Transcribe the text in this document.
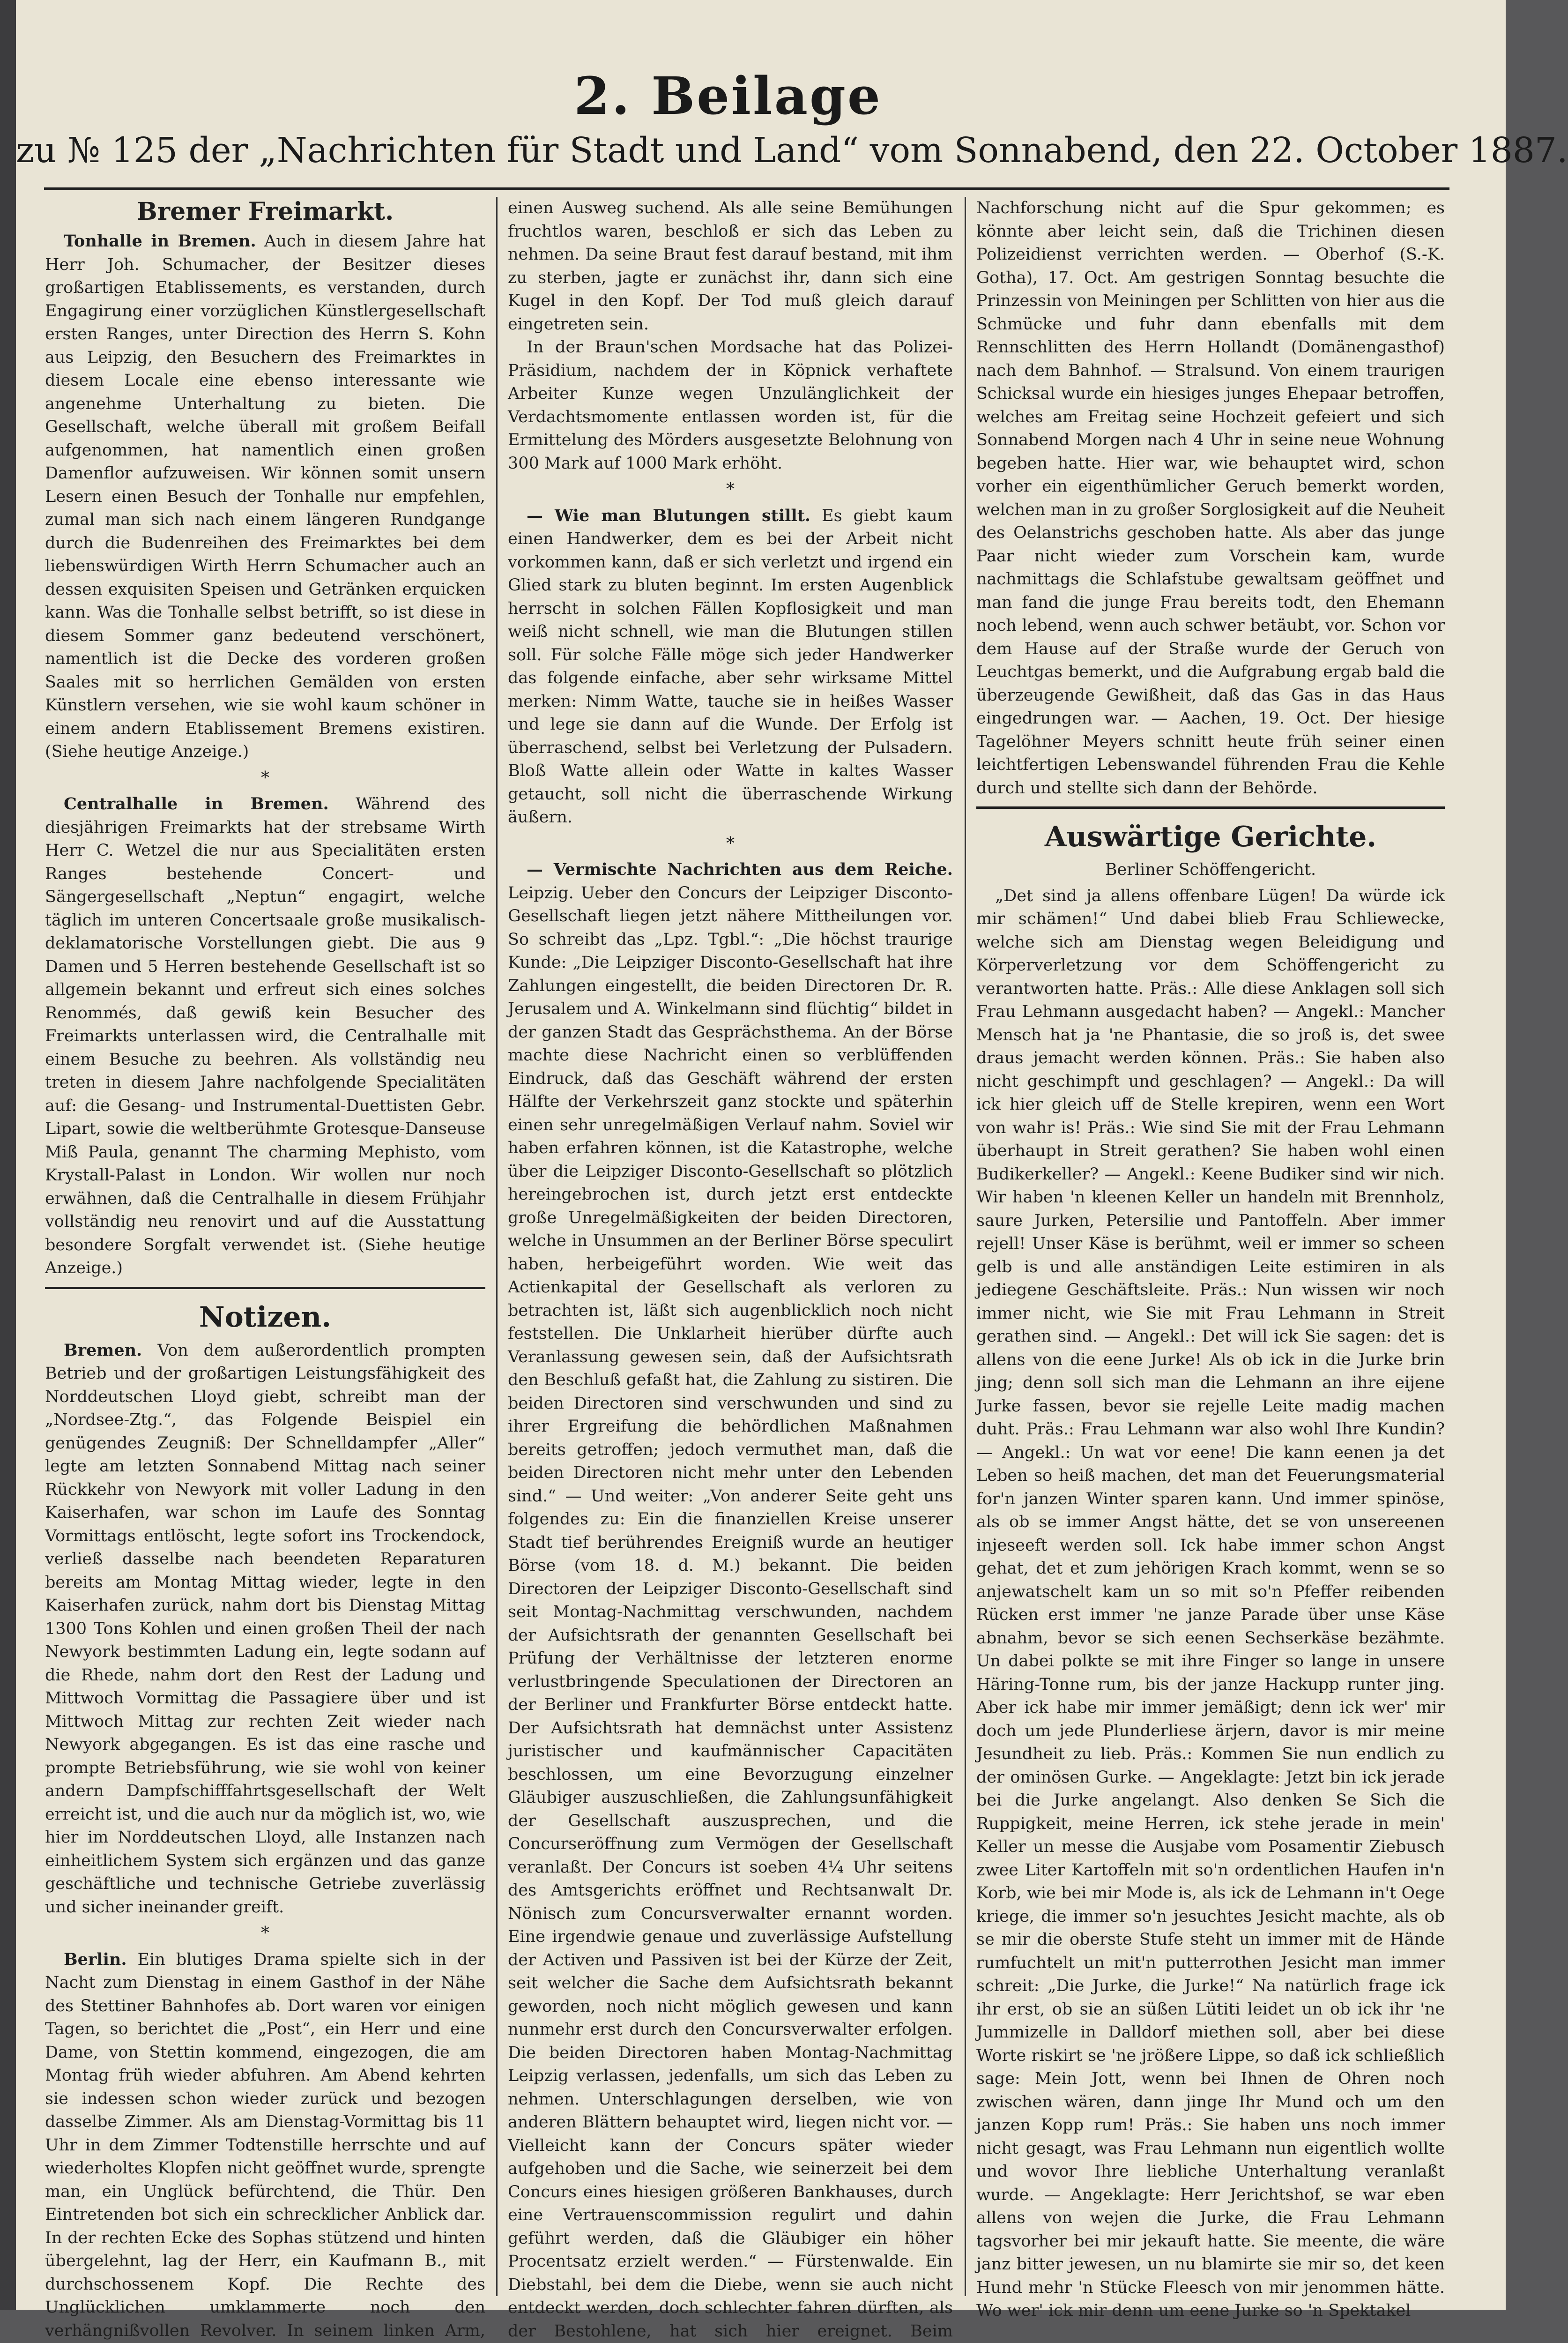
2. Beilage
zu № 125 der „Nachrichten für Stadt und Land“ vom Sonnabend, den 22. October 1887.
Bremer Freimarkt.

Tonhalle in Bremen. Auch in diesem Jahre hat Herr Joh. Schumacher, der Besitzer dieses großartigen Etablissements, es verstanden, durch Engagirung einer vorzüglichen Künstlergesellschaft ersten Ranges, unter Direction des Herrn S. Kohn aus Leipzig, den Besuchern des Freimarktes in diesem Locale eine ebenso interessante wie angenehme Unterhaltung zu bieten. Die Gesellschaft, welche überall mit großem Beifall aufgenommen, hat namentlich einen großen Damenflor aufzuweisen. Wir können somit unsern Lesern einen Besuch der Tonhalle nur empfehlen, zumal man sich nach einem längeren Rundgange durch die Budenreihen des Freimarktes bei dem liebenswürdigen Wirth Herrn Schumacher auch an dessen exquisiten Speisen und Getränken erquicken kann. Was die Tonhalle selbst betrifft, so ist diese in diesem Sommer ganz bedeutend verschönert, namentlich ist die Decke des vorderen großen Saales mit so herrlichen Gemälden von ersten Künstlern versehen, wie sie wohl kaum schöner in einem andern Etablissement Bremens existiren. (Siehe heutige Anzeige.)

*

Centralhalle in Bremen. Während des diesjährigen Freimarkts hat der strebsame Wirth Herr C. Wetzel die nur aus Specialitäten ersten Ranges bestehende Concert- und Sängergesellschaft „Neptun“ engagirt, welche täglich im unteren Concertsaale große musikalisch-deklamatorische Vorstellungen giebt. Die aus 9 Damen und 5 Herren bestehende Gesellschaft ist so allgemein bekannt und erfreut sich eines solches Renommés, daß gewiß kein Besucher des Freimarkts unterlassen wird, die Centralhalle mit einem Besuche zu beehren. Als vollständig neu treten in diesem Jahre nachfolgende Specialitäten auf: die Gesang- und Instrumental-Duettisten Gebr. Lipart, sowie die weltberühmte Grotesque-Danseuse Miß Paula, genannt The charming Mephisto, vom Krystall-Palast in London. Wir wollen nur noch erwähnen, daß die Centralhalle in diesem Frühjahr vollständig neu renovirt und auf die Ausstattung besondere Sorgfalt verwendet ist. (Siehe heutige Anzeige.)

Notizen.

Bremen. Von dem außerordentlich prompten Betrieb und der großartigen Leistungsfähigkeit des Norddeutschen Lloyd giebt, schreibt man der „Nordsee-Ztg.“, das Folgende Beispiel ein genügendes Zeugniß: Der Schnelldampfer „Aller“ legte am letzten Sonnabend Mittag nach seiner Rückkehr von Newyork mit voller Ladung in den Kaiserhafen, war schon im Laufe des Sonntag Vormittags entlöscht, legte sofort ins Trockendock, verließ dasselbe nach beendeten Reparaturen bereits am Montag Mittag wieder, legte in den Kaiserhafen zurück, nahm dort bis Dienstag Mittag 1300 Tons Kohlen und einen großen Theil der nach Newyork bestimmten Ladung ein, legte sodann auf die Rhede, nahm dort den Rest der Ladung und Mittwoch Vormittag die Passagiere über und ist Mittwoch Mittag zur rechten Zeit wieder nach Newyork abgegangen. Es ist das eine rasche und prompte Betriebsführung, wie sie wohl von keiner andern Dampfschifffahrtsgesellschaft der Welt erreicht ist, und die auch nur da möglich ist, wo, wie hier im Norddeutschen Lloyd, alle Instanzen nach einheitlichem System sich ergänzen und das ganze geschäftliche und technische Getriebe zuverlässig und sicher ineinander greift.

*

Berlin. Ein blutiges Drama spielte sich in der Nacht zum Dienstag in einem Gasthof in der Nähe des Stettiner Bahnhofes ab. Dort waren vor einigen Tagen, so berichtet die „Post“, ein Herr und eine Dame, von Stettin kommend, eingezogen, die am Montag früh wieder abfuhren. Am Abend kehrten sie indessen schon wieder zurück und bezogen dasselbe Zimmer. Als am Dienstag-Vormittag bis 11 Uhr in dem Zimmer Todtenstille herrschte und auf wiederholtes Klopfen nicht geöffnet wurde, sprengte man, ein Unglück befürchtend, die Thür. Den Eintretenden bot sich ein schrecklicher Anblick dar. In der rechten Ecke des Sophas stützend und hinten übergelehnt, lag der Herr, ein Kaufmann B., mit durchschossenem Kopf. Die Rechte des Unglücklichen umklammerte noch den verhängnißvollen Revolver. In seinem linken Arm,

einen Ausweg suchend. Als alle seine Bemühungen fruchtlos waren, beschloß er sich das Leben zu nehmen. Da seine Braut fest darauf bestand, mit ihm zu sterben, jagte er zunächst ihr, dann sich eine Kugel in den Kopf. Der Tod muß gleich darauf eingetreten sein.

In der Braun'schen Mordsache hat das Polizei-Präsidium, nachdem der in Köpnick verhaftete Arbeiter Kunze wegen Unzulänglichkeit der Verdachtsmomente entlassen worden ist, für die Ermittelung des Mörders ausgesetzte Belohnung von 300 Mark auf 1000 Mark erhöht.

*

— Wie man Blutungen stillt. Es giebt kaum einen Handwerker, dem es bei der Arbeit nicht vorkommen kann, daß er sich verletzt und irgend ein Glied stark zu bluten beginnt. Im ersten Augenblick herrscht in solchen Fällen Kopflosigkeit und man weiß nicht schnell, wie man die Blutungen stillen soll. Für solche Fälle möge sich jeder Handwerker das folgende einfache, aber sehr wirksame Mittel merken: Nimm Watte, tauche sie in heißes Wasser und lege sie dann auf die Wunde. Der Erfolg ist überraschend, selbst bei Verletzung der Pulsadern. Bloß Watte allein oder Watte in kaltes Wasser getaucht, soll nicht die überraschende Wirkung äußern.

*

— Vermischte Nachrichten aus dem Reiche. Leipzig. Ueber den Concurs der Leipziger Disconto-Gesellschaft liegen jetzt nähere Mittheilungen vor. So schreibt das „Lpz. Tgbl.“: „Die höchst traurige Kunde: „Die Leipziger Disconto-Gesellschaft hat ihre Zahlungen eingestellt, die beiden Directoren Dr. R. Jerusalem und A. Winkelmann sind flüchtig“ bildet in der ganzen Stadt das Gesprächsthema. An der Börse machte diese Nachricht einen so verblüffenden Eindruck, daß das Geschäft während der ersten Hälfte der Verkehrszeit ganz stockte und späterhin einen sehr unregelmäßigen Verlauf nahm. Soviel wir haben erfahren können, ist die Katastrophe, welche über die Leipziger Disconto-Gesellschaft so plötzlich hereingebrochen ist, durch jetzt erst entdeckte große Unregelmäßigkeiten der beiden Directoren, welche in Unsummen an der Berliner Börse speculirt haben, herbeigeführt worden. Wie weit das Actienkapital der Gesellschaft als verloren zu betrachten ist, läßt sich augenblicklich noch nicht feststellen. Die Unklarheit hierüber dürfte auch Veranlassung gewesen sein, daß der Aufsichtsrath den Beschluß gefaßt hat, die Zahlung zu sistiren. Die beiden Directoren sind verschwunden und sind zu ihrer Ergreifung die behördlichen Maßnahmen bereits getroffen; jedoch vermuthet man, daß die beiden Directoren nicht mehr unter den Lebenden sind.“ — Und weiter: „Von anderer Seite geht uns folgendes zu: Ein die finanziellen Kreise unserer Stadt tief berührendes Ereigniß wurde an heutiger Börse (vom 18. d. M.) bekannt. Die beiden Directoren der Leipziger Disconto-Gesellschaft sind seit Montag-Nachmittag verschwunden, nachdem der Aufsichtsrath der genannten Gesellschaft bei Prüfung der Verhältnisse der letzteren enorme verlustbringende Speculationen der Directoren an der Berliner und Frankfurter Börse entdeckt hatte. Der Aufsichtsrath hat demnächst unter Assistenz juristischer und kaufmännischer Capacitäten beschlossen, um eine Bevorzugung einzelner Gläubiger auszuschließen, die Zahlungsunfähigkeit der Gesellschaft auszusprechen, und die Concurseröffnung zum Vermögen der Gesellschaft veranlaßt. Der Concurs ist soeben 4¼ Uhr seitens des Amtsgerichts eröffnet und Rechtsanwalt Dr. Nönisch zum Concursverwalter ernannt worden. Eine irgendwie genaue und zuverlässige Aufstellung der Activen und Passiven ist bei der Kürze der Zeit, seit welcher die Sache dem Aufsichtsrath bekannt geworden, noch nicht möglich gewesen und kann nunmehr erst durch den Concursverwalter erfolgen. Die beiden Directoren haben Montag-Nachmittag Leipzig verlassen, jedenfalls, um sich das Leben zu nehmen. Unterschlagungen derselben, wie von anderen Blättern behauptet wird, liegen nicht vor. — Vielleicht kann der Concurs später wieder aufgehoben und die Sache, wie seinerzeit bei dem Concurs eines hiesigen größeren Bankhauses, durch eine Vertrauenscommission regulirt und dahin geführt werden, daß die Gläubiger ein höher Procentsatz erzielt werden.“ — Fürstenwalde. Ein Diebstahl, bei dem die Diebe, wenn sie auch nicht entdeckt werden, doch schlechter fahren dürften, als der Bestohlene, hat sich hier ereignet. Beim

Nachforschung nicht auf die Spur gekommen; es könnte aber leicht sein, daß die Trichinen diesen Polizeidienst verrichten werden. — Oberhof (S.-K. Gotha), 17. Oct. Am gestrigen Sonntag besuchte die Prinzessin von Meiningen per Schlitten von hier aus die Schmücke und fuhr dann ebenfalls mit dem Rennschlitten des Herrn Hollandt (Domänengasthof) nach dem Bahnhof. — Stralsund. Von einem traurigen Schicksal wurde ein hiesiges junges Ehepaar betroffen, welches am Freitag seine Hochzeit gefeiert und sich Sonnabend Morgen nach 4 Uhr in seine neue Wohnung begeben hatte. Hier war, wie behauptet wird, schon vorher ein eigenthümlicher Geruch bemerkt worden, welchen man in zu großer Sorglosigkeit auf die Neuheit des Oelanstrichs geschoben hatte. Als aber das junge Paar nicht wieder zum Vorschein kam, wurde nachmittags die Schlafstube gewaltsam geöffnet und man fand die junge Frau bereits todt, den Ehemann noch lebend, wenn auch schwer betäubt, vor. Schon vor dem Hause auf der Straße wurde der Geruch von Leuchtgas bemerkt, und die Aufgrabung ergab bald die überzeugende Gewißheit, daß das Gas in das Haus eingedrungen war. — Aachen, 19. Oct. Der hiesige Tagelöhner Meyers schnitt heute früh seiner einen leichtfertigen Lebenswandel führenden Frau die Kehle durch und stellte sich dann der Behörde.

Auswärtige Gerichte.
Berliner Schöffengericht.

„Det sind ja allens offenbare Lügen! Da würde ick mir schämen!“ Und dabei blieb Frau Schliewecke, welche sich am Dienstag wegen Beleidigung und Körperverletzung vor dem Schöffengericht zu verantworten hatte. Präs.: Alle diese Anklagen soll sich Frau Lehmann ausgedacht haben? — Angekl.: Mancher Mensch hat ja 'ne Phantasie, die so jroß is, det swee draus jemacht werden können. Präs.: Sie haben also nicht geschimpft und geschlagen? — Angekl.: Da will ick hier gleich uff de Stelle krepiren, wenn een Wort von wahr is! Präs.: Wie sind Sie mit der Frau Lehmann überhaupt in Streit gerathen? Sie haben wohl einen Budikerkeller? — Angekl.: Keene Budiker sind wir nich. Wir haben 'n kleenen Keller un handeln mit Brennholz, saure Jurken, Petersilie und Pantoffeln. Aber immer rejell! Unser Käse is berühmt, weil er immer so scheen gelb is und alle anständigen Leite estimiren in als jediegene Geschäftsleite. Präs.: Nun wissen wir noch immer nicht, wie Sie mit Frau Lehmann in Streit gerathen sind. — Angekl.: Det will ick Sie sagen: det is allens von die eene Jurke! Als ob ick in die Jurke brin jing; denn soll sich man die Lehmann an ihre eijene Jurke fassen, bevor sie rejelle Leite madig machen duht. Präs.: Frau Lehmann war also wohl Ihre Kundin? — Angekl.: Un wat vor eene! Die kann eenen ja det Leben so heiß machen, det man det Feuerungsmaterial for'n janzen Winter sparen kann. Und immer spinöse, als ob se immer Angst hätte, det se von unsereenen injeseeft werden soll. Ick habe immer schon Angst gehat, det et zum jehörigen Krach kommt, wenn se so anjewatschelt kam un so mit so'n Pfeffer reibenden Rücken erst immer 'ne janze Parade über unse Käse abnahm, bevor se sich eenen Sechserkäse bezähmte. Un dabei polkte se mit ihre Finger so lange in unsere Häring-Tonne rum, bis der janze Hackupp runter jing. Aber ick habe mir immer jemäßigt; denn ick wer' mir doch um jede Plunderliese ärjern, davor is mir meine Jesundheit zu lieb. Präs.: Kommen Sie nun endlich zu der ominösen Gurke. — Angeklagte: Jetzt bin ick jerade bei die Jurke angelangt. Also denken Se Sich die Ruppigkeit, meine Herren, ick stehe jerade in mein' Keller un messe die Ausjabe vom Posamentir Ziebusch zwee Liter Kartoffeln mit so'n ordentlichen Haufen in'n Korb, wie bei mir Mode is, als ick de Lehmann in't Oege kriege, die immer so'n jesuchtes Jesicht machte, als ob se mir die oberste Stufe steht un immer mit de Hände rumfuchtelt un mit'n putterrothen Jesicht man immer schreit: „Die Jurke, die Jurke!“ Na natürlich frage ick ihr erst, ob sie an süßen Lütiti leidet un ob ick ihr 'ne Jummizelle in Dalldorf miethen soll, aber bei diese Worte riskirt se 'ne jrößere Lippe, so daß ick schließlich sage: Mein Jott, wenn bei Ihnen de Ohren noch zwischen wären, dann jinge Ihr Mund och um den janzen Kopp rum! Präs.: Sie haben uns noch immer nicht gesagt, was Frau Lehmann nun eigentlich wollte und wovor Ihre liebliche Unterhaltung veranlaßt wurde. — Angeklagte: Herr Jerichtshof, se war eben allens von wejen die Jurke, die Frau Lehmann tagsvorher bei mir jekauft hatte. Sie meente, die wäre janz bitter jewesen, un nu blamirte sie mir so, det keen Hund mehr 'n Stücke Fleesch von mir jenommen hätte. Wo wer' ick mir denn um eene Jurke so 'n Spektakel
